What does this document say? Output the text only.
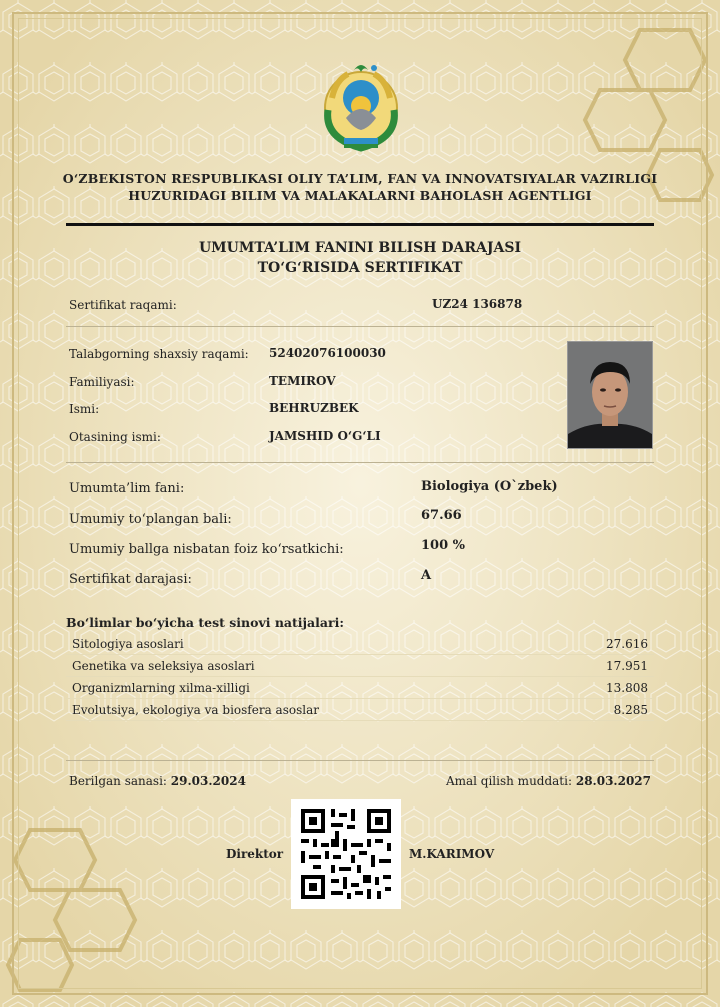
O‘ZBEKISTON RESPUBLIKASI OLIY TA’LIM, FAN VA INNOVATSIYALAR VAZIRLIGI
HUZURIDAGI BILIM VA MALAKALARNI BAHOLASH AGENTLIGI
UMUMTA’LIM FANINI BILISH DARAJASI
TO‘G‘RISIDA SERTIFIKAT
Sertifikat raqami:	UZ24 136878
Talabgorning shaxsiy raqami: 52402076100030
Familiyasi:	TEMIROV
Ismi:	BEHRUZBEK
Otasining ismi:	JAMSHID O‘G‘LI
Umumta’lim fani:	Biologiya (O`zbek)
Umumiy to‘plangan bali:	67.66
Umumiy ballga nisbatan foiz ko‘rsatkichi:	100 %
Sertifikat darajasi:	A
Bo‘limlar bo‘yicha test sinovi natijalari:
Sitologiya asoslari	27.616
Genetika va seleksiya asoslari	17.951
Organizmlarning xilma-xilligi	13.808
Evolutsiya, ekologiya va biosfera asoslar	8.285
Berilgan sanasi: 29.03.2024	Amal qilish muddati: 28.03.2027
Direktor	M.KARIMOV
